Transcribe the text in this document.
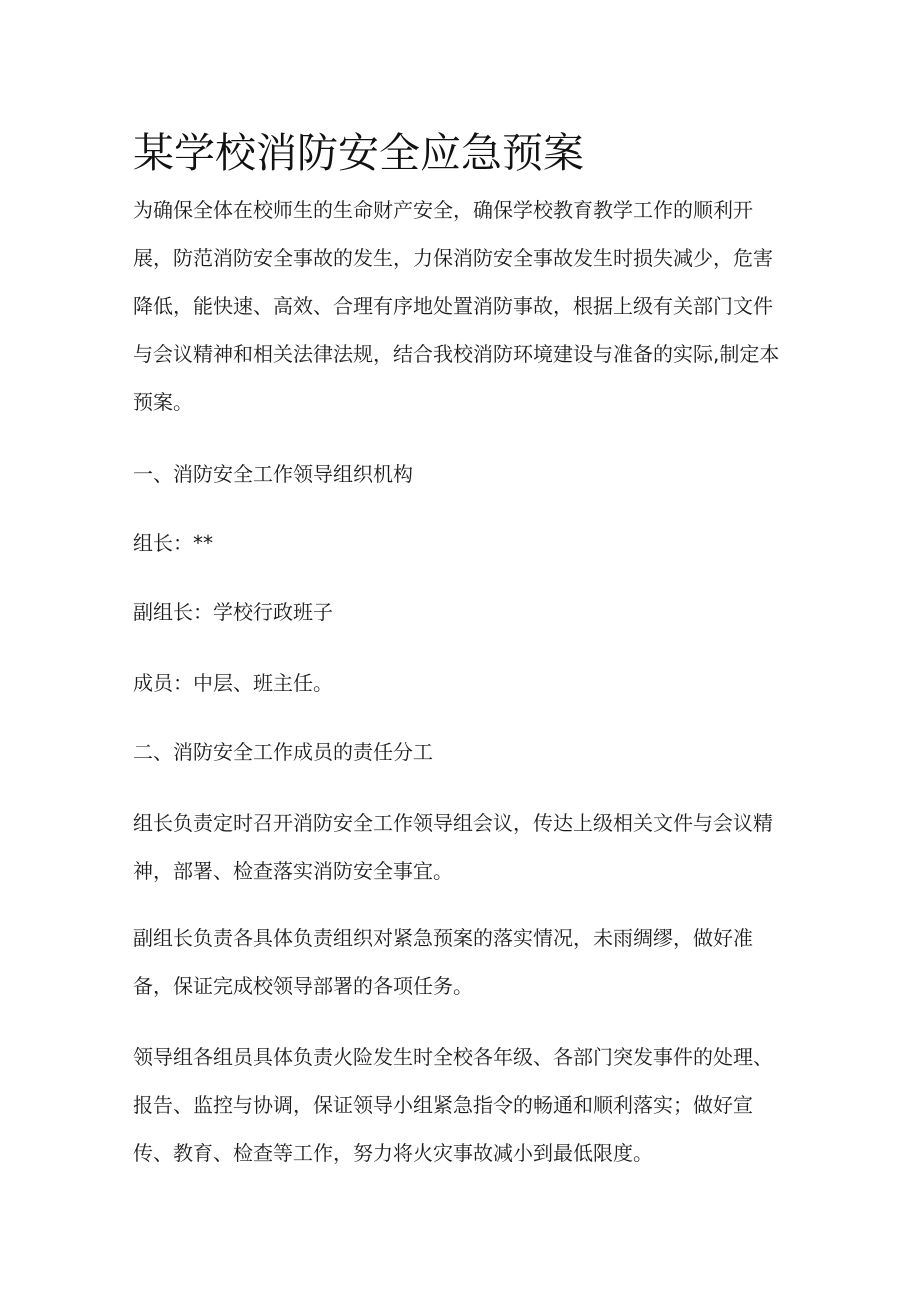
某学校消防安全应急预案
为确保全体在校师生的生命财产安全，确保学校教育教学工作的顺利开
展，防范消防安全事故的发生，力保消防安全事故发生时损失减少，危害
降低，能快速、高效、合理有序地处置消防事故，根据上级有关部门文件
与会议精神和相关法律法规，结合我校消防环境建设与准备的实际,制定本
预案。

一、消防安全工作领导组织机构

组长：**

副组长：学校行政班子

成员：中层、班主任。

二、消防安全工作成员的责任分工

组长负责定时召开消防安全工作领导组会议，传达上级相关文件与会议精
神，部署、检查落实消防安全事宜。
副组长负责各具体负责组织对紧急预案的落实情况，未雨绸缪，做好准
备，保证完成校领导部署的各项任务。
领导组各组员具体负责火险发生时全校各年级、各部门突发事件的处理、
报告、监控与协调，保证领导小组紧急指令的畅通和顺利落实；做好宣
传、教育、检查等工作，努力将火灾事故减小到最低限度。
